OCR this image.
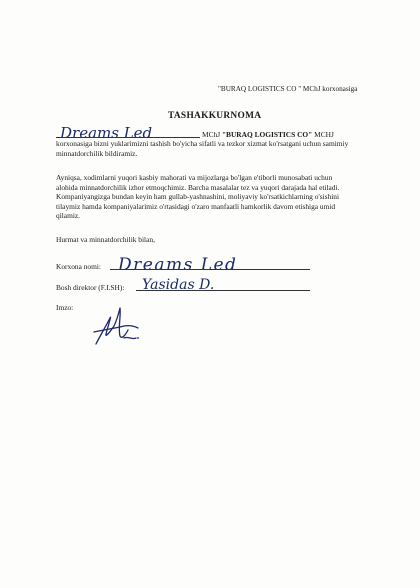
"BURAQ LOGISTICS CO " MChJ korxonasiga
TASHAKKURNOMA
Dreams Led	MChJ "BURAQ LOGISTICS CO" MCHJ
korxonasiga bizni yuklarimizni tashish bo'yicha sifatli va tezkor xizmat ko'rsatgani uchun samimiy
minnatdorchilik bildiramiz.
Ayniqsa, xodimlarni yuqori kasbiy mahorati va mijozlarga bo'lgan e'tiborli munosabati uchun
alohida minnatdorchilik izhor etmoqchimiz. Barcha masalalar tez va yuqori darajada hal etiladi.
Kompaniyangizga bundan keyin ham gullab-yashnashini, moliyaviy ko'rsatkichlarning o'sishini
tilaymiz hamda kompaniyalarimiz o'rtasidagi o'zaro manfaatli hamkorlik davom etishiga umid
qilamiz.
Hurmat va minnatdorchilik bilan,
Korxona nomi: Dreams Led
Bosh direktor (F.I.SH): Yasidas D.
Imzo:
